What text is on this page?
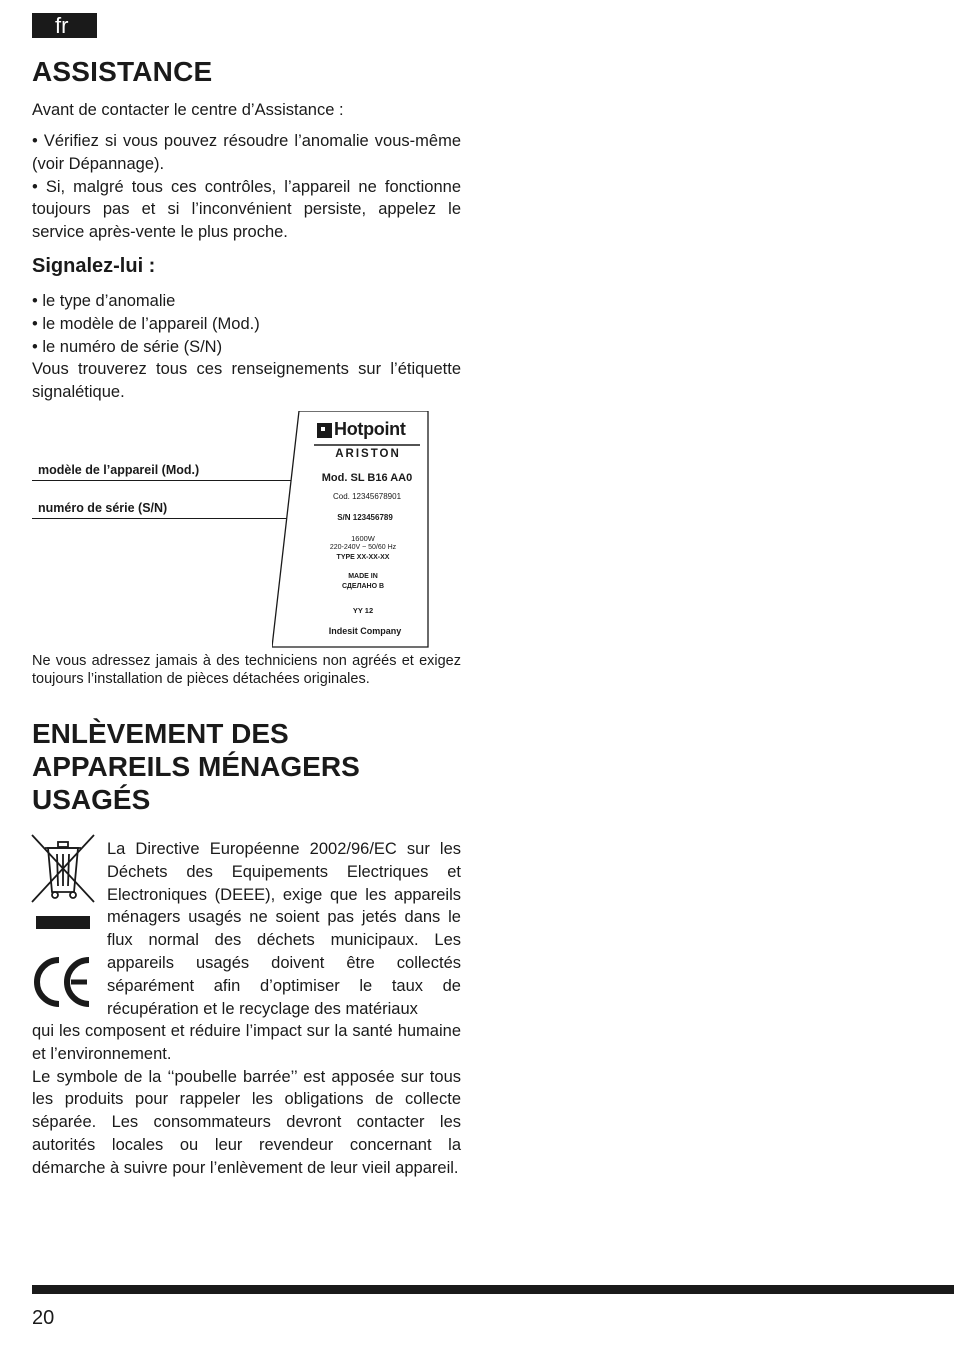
fr
ASSISTANCE
Avant de contacter le centre d’Assistance :

• Vérifiez si vous pouvez résoudre l’anomalie vous-même (voir Dépannage).

• Si, malgré tous ces contrôles, l’appareil ne fonctionne toujours pas et si l’inconvénient persiste, appelez le service après-vente le plus proche.

Signalez-lui :

• le type d’anomalie

• le modèle de l’appareil (Mod.)

• le numéro de série (S/N)

Vous trouverez tous ces renseignements sur l’étiquette signalétique.

modèle de l’appareil (Mod.)
numéro de série (S/N)
Hotpoint
ARISTON
Mod. SL B16 AA0
Cod. 12345678901
S/N 123456789
1600W
220-240V ~ 50/60 Hz
TYPE XX-XX-XX
MADE IN
СДЕЛАНО В
YY 12
Indesit Company
Ne vous adressez jamais à des techniciens non agréés et exigez toujours l’installation de pièces détachées originales.
ENLÈVEMENT DES
APPAREILS MÉNAGERS
USAGÉS
La Directive Européenne 2002/96/EC sur les Déchets des Equipements Electriques et Electroniques (DEEE), exige que les appareils ménagers usagés ne soient pas jetés dans le flux normal des déchets municipaux. Les appareils usagés doivent être collectés séparément afin d’optimiser le taux de récupération et le recyclage des matériaux

qui les composent et réduire l’impact sur la santé humaine et l’environnement.

Le symbole de la ‘‘poubelle barrée’’ est apposée sur tous les produits pour rappeler les obligations de collecte séparée. Les consommateurs devront contacter les autorités locales ou leur revendeur concernant la démarche à suivre pour l’enlèvement de leur vieil appareil.

20
